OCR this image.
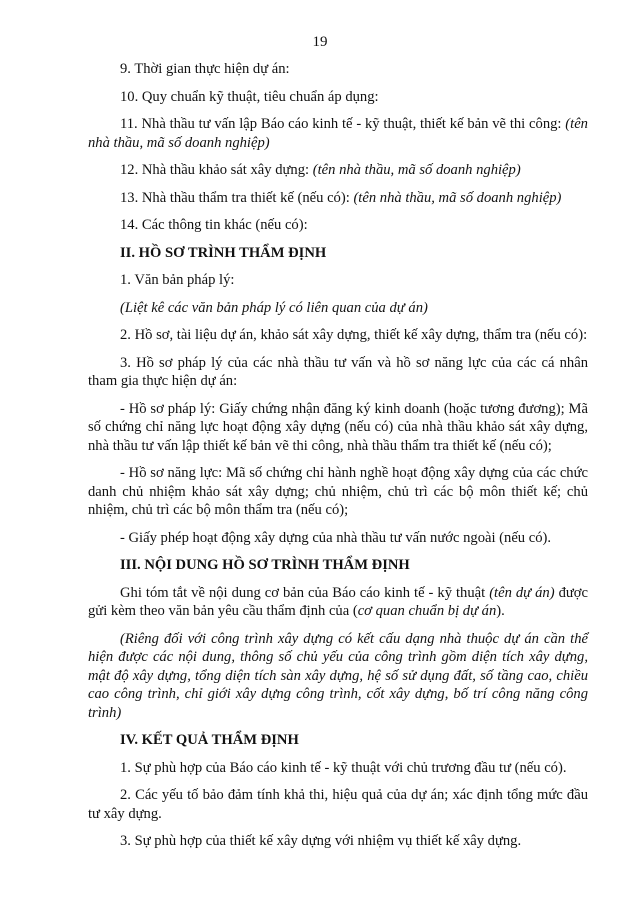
19

9. Thời gian thực hiện dự án:

10. Quy chuẩn kỹ thuật, tiêu chuẩn áp dụng:

11. Nhà thầu tư vấn lập Báo cáo kinh tế - kỹ thuật, thiết kế bản vẽ thi công: (tên nhà thầu, mã số doanh nghiệp)

12. Nhà thầu khảo sát xây dựng: (tên nhà thầu, mã số doanh nghiệp)

13. Nhà thầu thẩm tra thiết kế (nếu có): (tên nhà thầu, mã số doanh nghiệp)

14. Các thông tin khác (nếu có):

II. HỒ SƠ TRÌNH THẨM ĐỊNH

1. Văn bản pháp lý:

(Liệt kê các văn bản pháp lý có liên quan của dự án)

2. Hồ sơ, tài liệu dự án, khảo sát xây dựng, thiết kế xây dựng, thẩm tra (nếu có):

3. Hồ sơ pháp lý của các nhà thầu tư vấn và hồ sơ năng lực của các cá nhân tham gia thực hiện dự án:

- Hồ sơ pháp lý: Giấy chứng nhận đăng ký kinh doanh (hoặc tương đương); Mã số chứng chỉ năng lực hoạt động xây dựng (nếu có) của nhà thầu khảo sát xây dựng, nhà thầu tư vấn lập thiết kế bản vẽ thi công, nhà thầu thẩm tra thiết kế (nếu có);

- Hồ sơ năng lực: Mã số chứng chỉ hành nghề hoạt động xây dựng của các chức danh chủ nhiệm khảo sát xây dựng; chủ nhiệm, chủ trì các bộ môn thiết kế; chủ nhiệm, chủ trì các bộ môn thẩm tra (nếu có);

- Giấy phép hoạt động xây dựng của nhà thầu tư vấn nước ngoài (nếu có).

III. NỘI DUNG HỒ SƠ TRÌNH THẨM ĐỊNH

Ghi tóm tắt về nội dung cơ bản của Báo cáo kinh tế - kỹ thuật (tên dự án) được gửi kèm theo văn bản yêu cầu thẩm định của (cơ quan chuẩn bị dự án).

(Riêng đối với công trình xây dựng có kết cấu dạng nhà thuộc dự án cần thể hiện được các nội dung, thông số chủ yếu của công trình gồm diện tích xây dựng, mật độ xây dựng, tổng diện tích sàn xây dựng, hệ số sử dụng đất, số tầng cao, chiều cao công trình, chỉ giới xây dựng công trình, cốt xây dựng, bố trí công năng công trình)

IV. KẾT QUẢ THẨM ĐỊNH

1. Sự phù hợp của Báo cáo kinh tế - kỹ thuật với chủ trương đầu tư (nếu có).

2. Các yếu tố bảo đảm tính khả thi, hiệu quả của dự án; xác định tổng mức đầu tư xây dựng.

3. Sự phù hợp của thiết kế xây dựng với nhiệm vụ thiết kế xây dựng.
